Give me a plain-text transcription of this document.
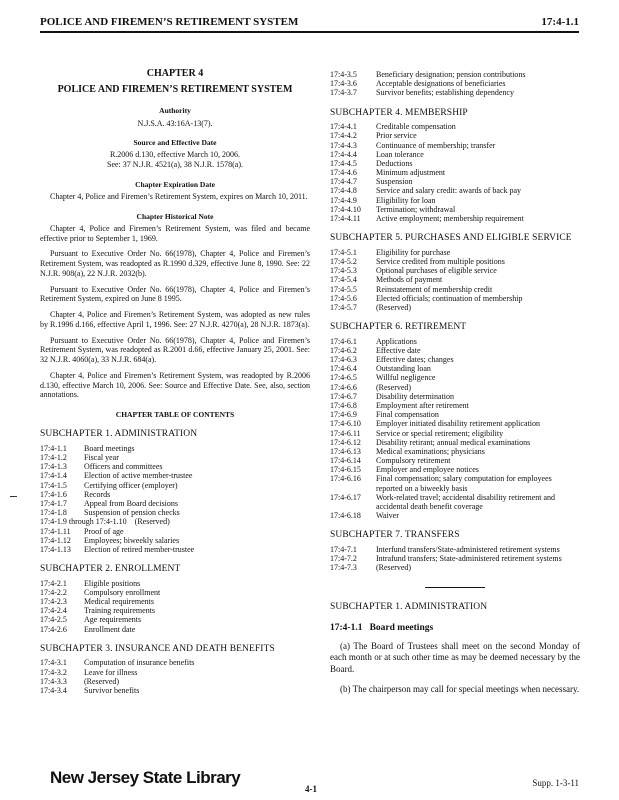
POLICE AND FIREMEN’S RETIREMENT SYSTEM	17:4-1.1
CHAPTER 4
POLICE AND FIREMEN’S RETIREMENT SYSTEM
Authority
N.J.S.A. 43:16A-13(7).
Source and Effective Date
R.2006 d.130, effective March 10, 2006.
See: 37 N.J.R. 4521(a), 38 N.J.R. 1578(a).
Chapter Expiration Date
Chapter 4, Police and Firemen’s Retirement System, expires on March 10, 2011.
Chapter Historical Note
Chapter 4, Police and Firemen’s Retirement System, was filed and became effective prior to September 1, 1969.
Pursuant to Executive Order No. 66(1978), Chapter 4, Police and Firemen’s Retirement System, was readopted as R.1990 d.329, effective June 8, 1990. See: 22 N.J.R. 908(a), 22 N.J.R. 2032(b).
Pursuant to Executive Order No. 66(1978), Chapter 4, Police and Firemen’s Retirement System, expired on June 8 1995.
Chapter 4, Police and Firemen’s Retirement System, was adopted as new rules by R.1996 d.166, effective April 1, 1996. See: 27 N.J.R. 4270(a), 28 N.J.R. 1873(a).
Pursuant to Executive Order No. 66(1978), Chapter 4, Police and Firemen’s Retirement System, was readopted as R.2001 d.66, effective January 25, 2001. See: 32 N.J.R. 4060(a), 33 N.J.R. 684(a).
Chapter 4, Police and Firemen’s Retirement System, was readopted by R.2006 d.130, effective March 10, 2006. See: Source and Effective Date. See, also, section annotations.
CHAPTER TABLE OF CONTENTS
SUBCHAPTER 1. ADMINISTRATION
17:4-1.1	Board meetings
17:4-1.2	Fiscal year
17:4-1.3	Officers and committees
17:4-1.4	Election of active member-trustee
17:4-1.5	Certifying officer (employer)
17:4-1.6	Records
17:4-1.7	Appeal from Board decisions
17:4-1.8	Suspension of pension checks
17:4-1.9 through 17:4-1.10 (Reserved)
17:4-1.11	Proof of age
17:4-1.12	Employees; biweekly salaries
17:4-1.13	Election of retired member-trustee
SUBCHAPTER 2. ENROLLMENT
17:4-2.1	Eligible positions
17:4-2.2	Compulsory enrollment
17:4-2.3	Medical requirements
17:4-2.4	Training requirements
17:4-2.5	Age requirements
17:4-2.6	Enrollment date
SUBCHAPTER 3. INSURANCE AND DEATH BENEFITS
17:4-3.1	Computation of insurance benefits
17:4-3.2	Leave for illness
17:4-3.3	(Reserved)
17:4-3.4	Survivor benefits
17:4-3.5	Beneficiary designation; pension contributions
17:4-3.6	Acceptable designations of beneficiaries
17:4-3.7	Survivor benefits; establishing dependency
SUBCHAPTER 4. MEMBERSHIP
17:4-4.1	Creditable compensation
17:4-4.2	Prior service
17:4-4.3	Continuance of membership; transfer
17:4-4.4	Loan tolerance
17:4-4.5	Deductions
17:4-4.6	Minimum adjustment
17:4-4.7	Suspension
17:4-4.8	Service and salary credit: awards of back pay
17:4-4.9	Eligibility for loan
17:4-4.10	Termination; withdrawal
17:4-4.11	Active employment; membership requirement
SUBCHAPTER 5. PURCHASES AND ELIGIBLE SERVICE
17:4-5.1	Eligibility for purchase
17:4-5.2	Service credited from multiple positions
17:4-5.3	Optional purchases of eligible service
17:4-5.4	Methods of payment
17:4-5.5	Reinstatement of membership credit
17:4-5.6	Elected officials; continuation of membership
17:4-5.7	(Reserved)
SUBCHAPTER 6. RETIREMENT
17:4-6.1	Applications
17:4-6.2	Effective date
17:4-6.3	Effective dates; changes
17:4-6.4	Outstanding loan
17:4-6.5	Willful negligence
17:4-6.6	(Reserved)
17:4-6.7	Disability determination
17:4-6.8	Employment after retirement
17:4-6.9	Final compensation
17:4-6.10	Employer initiated disability retirement application
17:4-6.11	Service or special retirement; eligibility
17:4-6.12	Disability retirant; annual medical examinations
17:4-6.13	Medical examinations; physicians
17:4-6.14	Compulsory retirement
17:4-6.15	Employer and employee notices
17:4-6.16	Final compensation; salary computation for employees reported on a biweekly basis
17:4-6.17	Work-related travel; accidental disability retirement and accidental death benefit coverage
17:4-6.18	Waiver
SUBCHAPTER 7. TRANSFERS
17:4-7.1	Interfund transfers/State-administered retirement systems
17:4-7.2	Intrafund transfers; State-administered retirement systems
17:4-7.3	(Reserved)
SUBCHAPTER 1. ADMINISTRATION
17:4-1.1 Board meetings
(a) The Board of Trustees shall meet on the second Monday of each month or at such other time as may be deemed necessary by the Board.
(b) The chairperson may call for special meetings when necessary.
New Jersey State Library	Supp. 1-3-11
4-1
